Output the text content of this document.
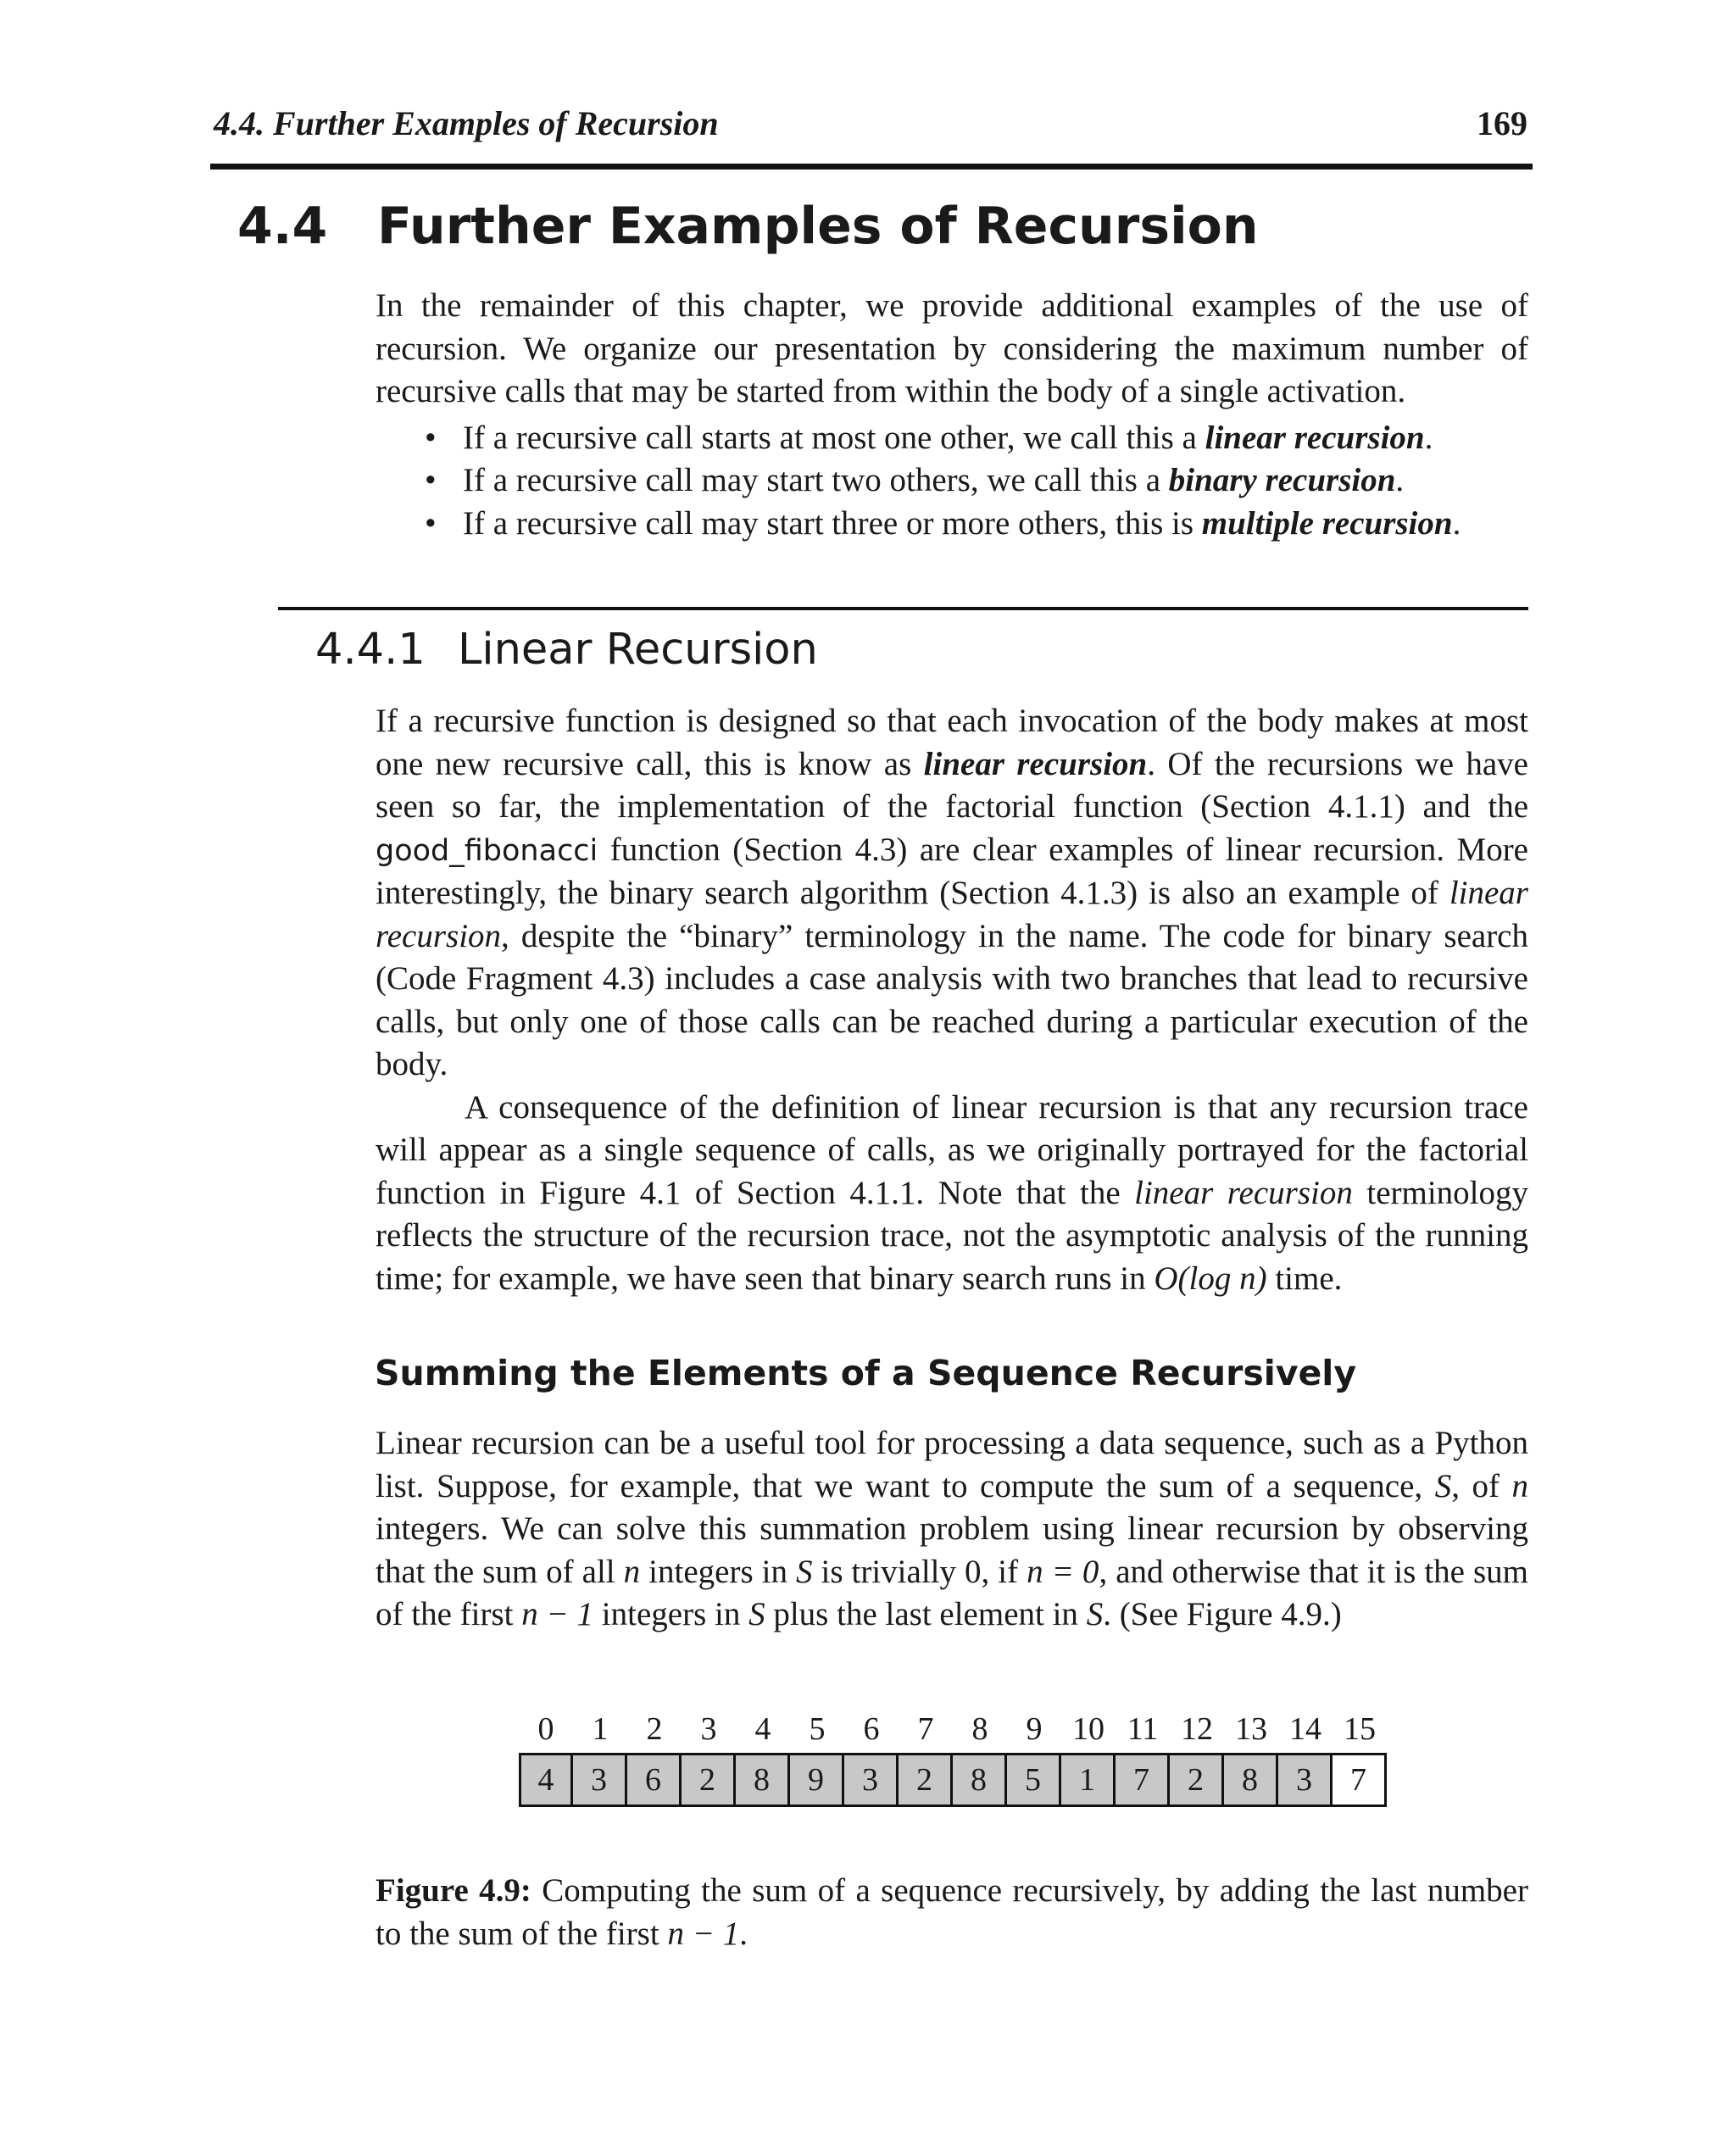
4.4. Further Examples of Recursion	169
4.4 Further Examples of Recursion

In the remainder of this chapter, we provide additional examples of the use of recursion. We organize our presentation by considering the maximum number of recursive calls that may be started from within the body of a single activation.

• If a recursive call starts at most one other, we call this a linear recursion.
• If a recursive call may start two others, we call this a binary recursion.
• If a recursive call may start three or more others, this is multiple recursion.
4.4.1 Linear Recursion

If a recursive function is designed so that each invocation of the body makes at most one new recursive call, this is know as linear recursion. Of the recursions we have seen so far, the implementation of the factorial function (Section 4.1.1) and the good_fibonacci function (Section 4.3) are clear examples of linear recursion. More interestingly, the binary search algorithm (Section 4.1.3) is also an example of linear recursion, despite the “binary” terminology in the name. The code for binary search (Code Fragment 4.3) includes a case analysis with two branches that lead to recursive calls, but only one of those calls can be reached during a particular execution of the body.

A consequence of the definition of linear recursion is that any recursion trace will appear as a single sequence of calls, as we originally portrayed for the factorial function in Figure 4.1 of Section 4.1.1. Note that the linear recursion terminology reflects the structure of the recursion trace, not the asymptotic analysis of the running time; for example, we have seen that binary search runs in O(log n) time.

Summing the Elements of a Sequence Recursively

Linear recursion can be a useful tool for processing a data sequence, such as a Python list. Suppose, for example, that we want to compute the sum of a sequence, S, of n integers. We can solve this summation problem using linear recursion by observing that the sum of all n integers in S is trivially 0, if n = 0, and otherwise that it is the sum of the first n − 1 integers in S plus the last element in S. (See Figure 4.9.)

0	1	2	3	4	5	6	7	8	9 10 11 12 13 14 15
4	3	6	2	8	9	3	2	8	5	1	7	2	8	3	7
Figure 4.9: Computing the sum of a sequence recursively, by adding the last number to the sum of the first n − 1.
